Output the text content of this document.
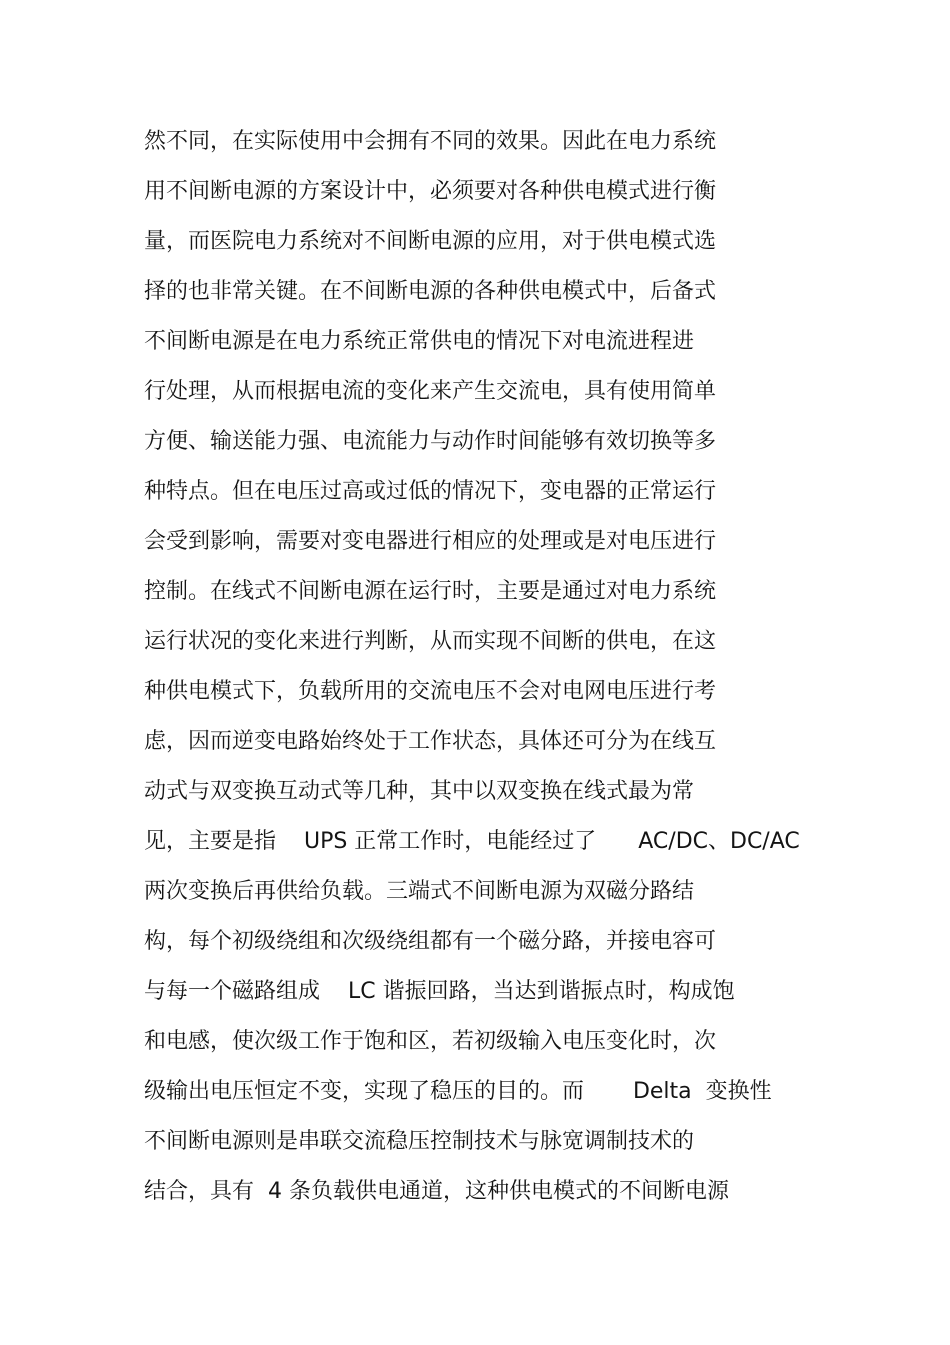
然不同，在实际使用中会拥有不同的效果。因此在电力系统
用不间断电源的方案设计中，必须要对各种供电模式进行衡
量，而医院电力系统对不间断电源的应用，对于供电模式选
择的也非常关键。在不间断电源的各种供电模式中，后备式
不间断电源是在电力系统正常供电的情况下对电流进程进
行处理，从而根据电流的变化来产生交流电，具有使用简单
方便、输送能力强、电流能力与动作时间能够有效切换等多
种特点。但在电压过高或过低的情况下，变电器的正常运行
会受到影响，需要对变电器进行相应的处理或是对电压进行
控制。在线式不间断电源在运行时，主要是通过对电力系统
运行状况的变化来进行判断，从而实现不间断的供电，在这
种供电模式下，负载所用的交流电压不会对电网电压进行考
虑，因而逆变电路始终处于工作状态，具体还可分为在线互
动式与双变换互动式等几种，其中以双变换在线式最为常
见，主要是指    UPS 正常工作时，电能经过了      AC/DC、DC/AC
两次变换后再供给负载。三端式不间断电源为双磁分路结
构，每个初级绕组和次级绕组都有一个磁分路，并接电容可
与每一个磁路组成    LC 谐振回路，当达到谐振点时，构成饱
和电感，使次级工作于饱和区，若初级输入电压变化时，次
级输出电压恒定不变，实现了稳压的目的。而       Delta  变换性
不间断电源则是串联交流稳压控制技术与脉宽调制技术的
结合，具有  4 条负载供电通道，这种供电模式的不间断电源
